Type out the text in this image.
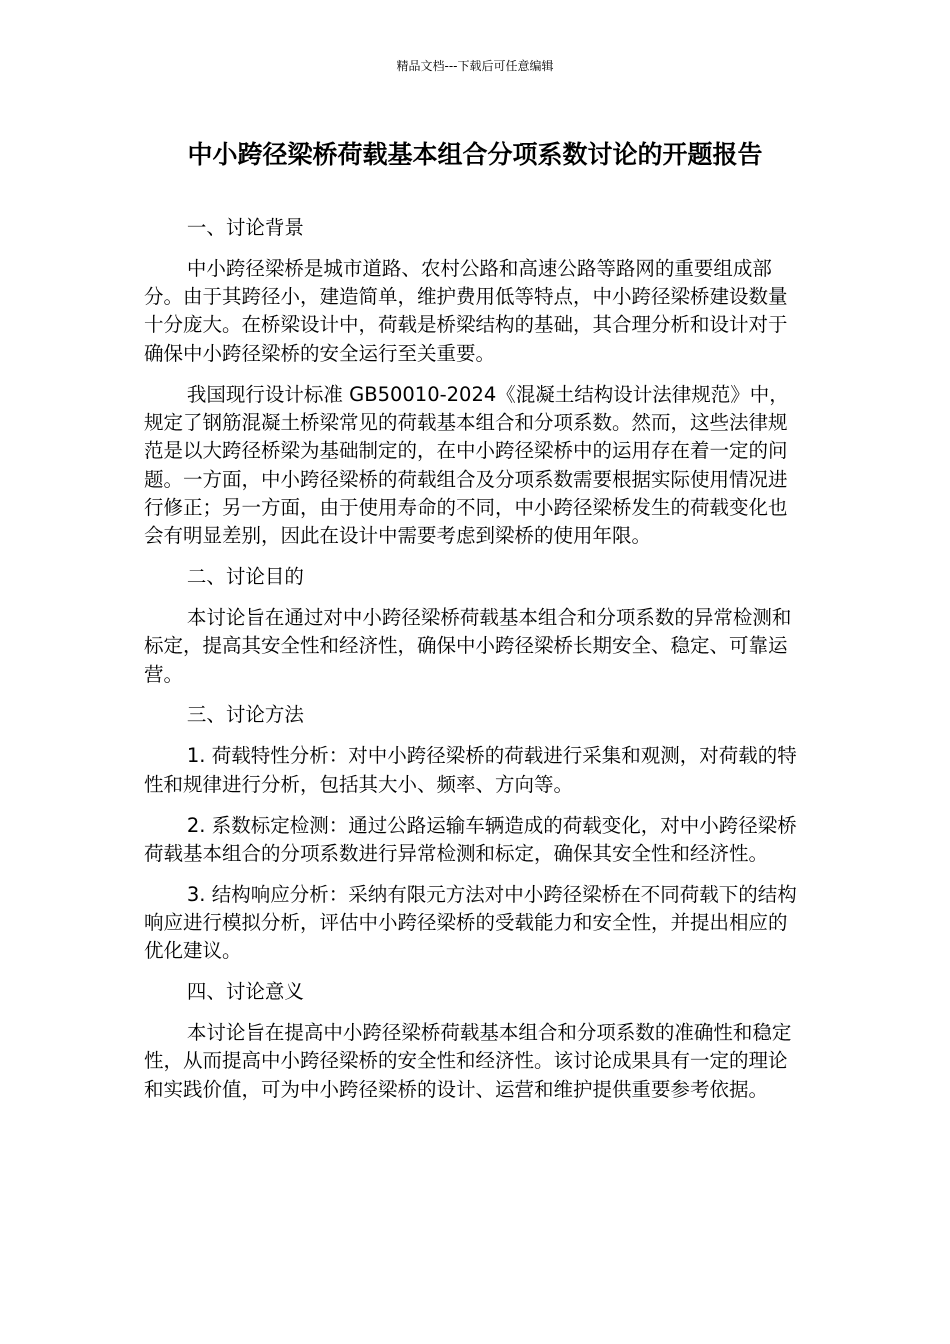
精品文档---下载后可任意编辑
中小跨径梁桥荷载基本组合分项系数讨论的开题报告

一、讨论背景

中小跨径梁桥是城市道路、农村公路和高速公路等路网的重要组成部分。由于其跨径小，建造简单，维护费用低等特点，中小跨径梁桥建设数量十分庞大。在桥梁设计中，荷载是桥梁结构的基础，其合理分析和设计对于确保中小跨径梁桥的安全运行至关重要。

我国现行设计标准 GB50010-2024《混凝土结构设计法律规范》中，规定了钢筋混凝土桥梁常见的荷载基本组合和分项系数。然而，这些法律规范是以大跨径桥梁为基础制定的，在中小跨径梁桥中的运用存在着一定的问题。一方面，中小跨径梁桥的荷载组合及分项系数需要根据实际使用情况进行修正；另一方面，由于使用寿命的不同，中小跨径梁桥发生的荷载变化也会有明显差别，因此在设计中需要考虑到梁桥的使用年限。

二、讨论目的

本讨论旨在通过对中小跨径梁桥荷载基本组合和分项系数的异常检测和标定，提高其安全性和经济性，确保中小跨径梁桥长期安全、稳定、可靠运营。

三、讨论方法

1. 荷载特性分析：对中小跨径梁桥的荷载进行采集和观测，对荷载的特性和规律进行分析，包括其大小、频率、方向等。

2. 系数标定检测：通过公路运输车辆造成的荷载变化，对中小跨径梁桥荷载基本组合的分项系数进行异常检测和标定，确保其安全性和经济性。

3. 结构响应分析：采纳有限元方法对中小跨径梁桥在不同荷载下的结构响应进行模拟分析，评估中小跨径梁桥的受载能力和安全性，并提出相应的优化建议。

四、讨论意义

本讨论旨在提高中小跨径梁桥荷载基本组合和分项系数的准确性和稳定性，从而提高中小跨径梁桥的安全性和经济性。该讨论成果具有一定的理论和实践价值，可为中小跨径梁桥的设计、运营和维护提供重要参考依据。
